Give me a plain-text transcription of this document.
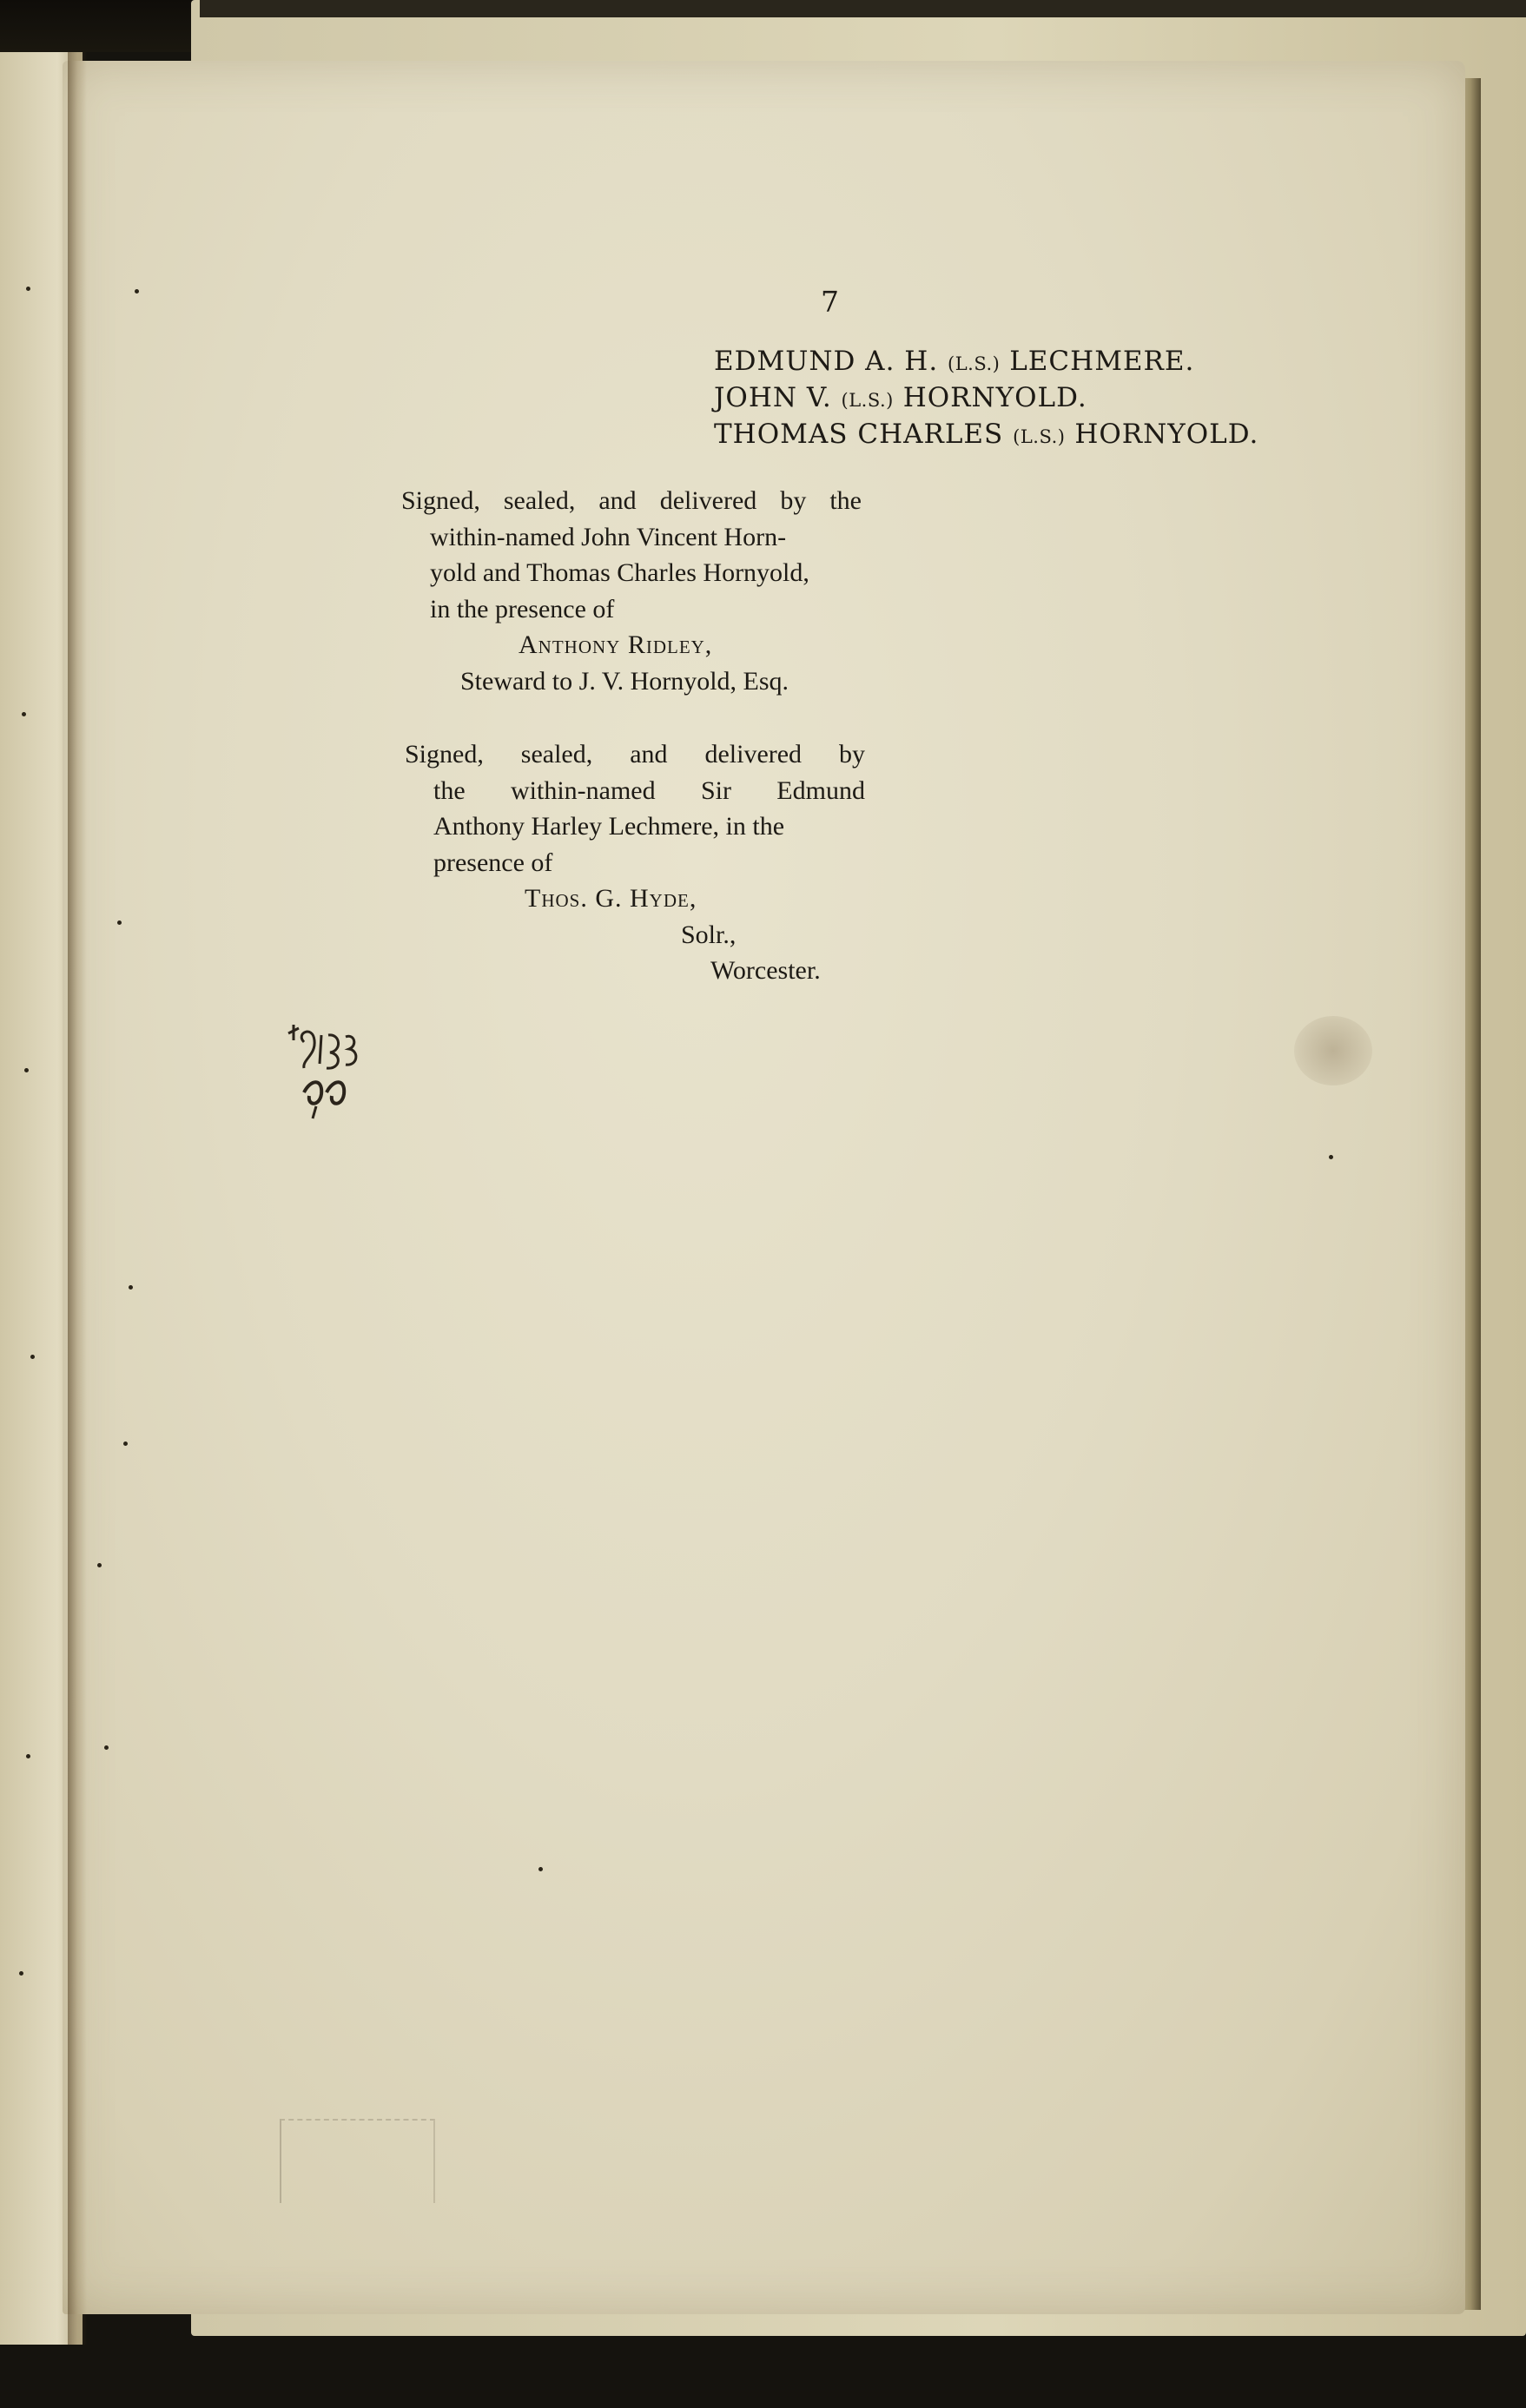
7
EDMUND A. H. (L.S.) LECHMERE.
JOHN V. (L.S.) HORNYOLD.
THOMAS CHARLES (L.S.) HORNYOLD.
Signed, sealed, and delivered by the
within-named John Vincent Horn-
yold and Thomas Charles Hornyold,
in the presence of
Anthony Ridley,
Steward to J. V. Hornyold, Esq.
Signed, sealed, and delivered by
the within-named Sir Edmund
Anthony Harley Lechmere, in the
presence of
Thos. G. Hyde,
Solr.,
Worcester.
